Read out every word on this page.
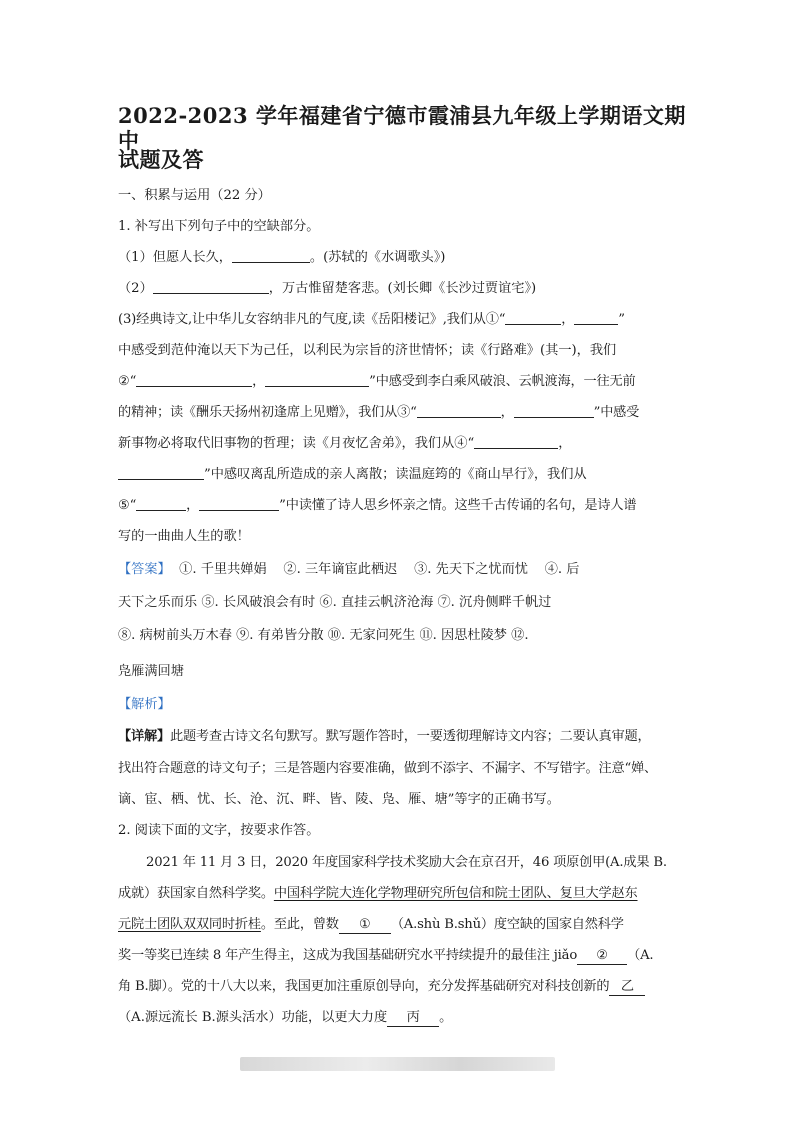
2022-2023 学年福建省宁德市霞浦县九年级上学期语文期中
试题及答
一、积累与运用（22 分）
1. 补写出下列句子中的空缺部分。
（1）但愿人长久，	。(苏轼的《水调歌头》)
（2）	，万古惟留楚客悲。(刘长卿《长沙过贾谊宅》)
(3)经典诗文,让中华儿女容纳非凡的气度,读《岳阳楼记》,我们从①“	，	”
中感受到范仲淹以天下为己任，以利民为宗旨的济世情怀；读《行路难》(其一)，我们
②“	，	”中感受到李白乘风破浪、云帆渡海，一往无前
的精神；读《酬乐天扬州初逢席上见赠》，我们从③“	，	”中感受
新事物必将取代旧事物的哲理；读《月夜忆舍弟》，我们从④“	，
”中感叹离乱所造成的亲人离散；读温庭筠的《商山早行》，我们从
⑤“	，	”中读懂了诗人思乡怀亲之情。这些千古传诵的名句，是诗人谱
写的一曲曲人生的歌！
【答案】 ①. 千里共婵娟    ②. 三年谪宦此栖迟    ③. 先天下之忧而忧    ④. 后
天下之乐而乐 ⑤. 长风破浪会有时 ⑥. 直挂云帆济沧海 ⑦. 沉舟侧畔千帆过
⑧. 病树前头万木春 ⑨. 有弟皆分散 ⑩. 无家问死生 ⑪. 因思杜陵梦 ⑫.
凫雁满回塘
【解析】
【详解】此题考查古诗文名句默写。默写题作答时，一要透彻理解诗文内容；二要认真审题，
找出符合题意的诗文句子；三是答题内容要准确，做到不添字、不漏字、不写错字。注意“婵、
谪、宦、栖、忧、长、沧、沉、畔、皆、陵、凫、雁、塘”等字的正确书写。
2. 阅读下面的文字，按要求作答。
2021 年 11 月 3 日，2020 年度国家科学技术奖励大会在京召开，46 项原创甲(A.成果 B.
成就）获国家自然科学奖。中国科学院大连化学物理研究所包信和院士团队、复旦大学赵东
元院士团队双双同时折桂。至此，曾数 ① （A.shù B.shǔ）度空缺的国家自然科学
奖一等奖已连续 8 年产生得主，这成为我国基础研究水平持续提升的最佳注 jiǎo ② （A.
角 B.脚）。党的十八大以来，我国更加注重原创导向，充分发挥基础研究对科技创新的 乙
（A.源远流长 B.源头活水）功能，以更大力度 丙 。
